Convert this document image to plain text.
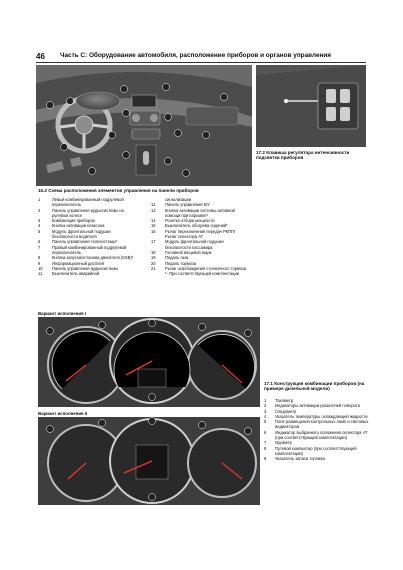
46 Часть С: Оборудование автомобиля, расположение приборов и органов управления
17.2 Клавиша регулятора интенсивности подсветки приборов
16.2 Схема расположения элементов управления на панели приборов
1	Левый комбинированный подрулевой переключатель
2	Панель управления аудиосистемы на рулевом колесе
3	Комбинация приборов
4	Кнопка активации клаксона
5	Модуль фронтальной подушки безопасности водителя
6	Панель управления телесистемы*
7	Правый комбинированный подрулевой переключатель
8	Кнопка запуска/останова двигателя (SSB)*
9	Информационный дисплей
10 Панель управления аудиосистемы
11 Выключатель аварийной
сигнализации
12 Панель управления К/У
13 Кнопка активации системы активной помощи при парковке*
14 Розетка отбора мощности
15 Выключатель обогрева сидений*
16 Рычаг переключения передач РКПП/ Рычаг селектора АТ
17 Модуль фронтальной подушки безопасности пассажира
18 Головной вещевой ящик
19 Педаль газа
20 Педаль тормоза
21 Рычаг освобождения стояночного тормоза
*- При соответствующей комплектации
Вариант исполнения I
Вариант исполнения II
17.1 Конструкция комбинации приборов (на примере дизельной модели)
1 Тахометр
2 Индикаторы активации указателей поворота
3 Спидометр
4 Указатель температуры охлаждающей жидкости
5 Поле размещения контрольных ламп и световых индикаторов
6 Индикатор выбранного положения селектора АТ (при соответствующей комплектации)
7 Одометр
8 Путевой компьютер (при соответствующей комплектации)
9 Указатель запаса топлива
